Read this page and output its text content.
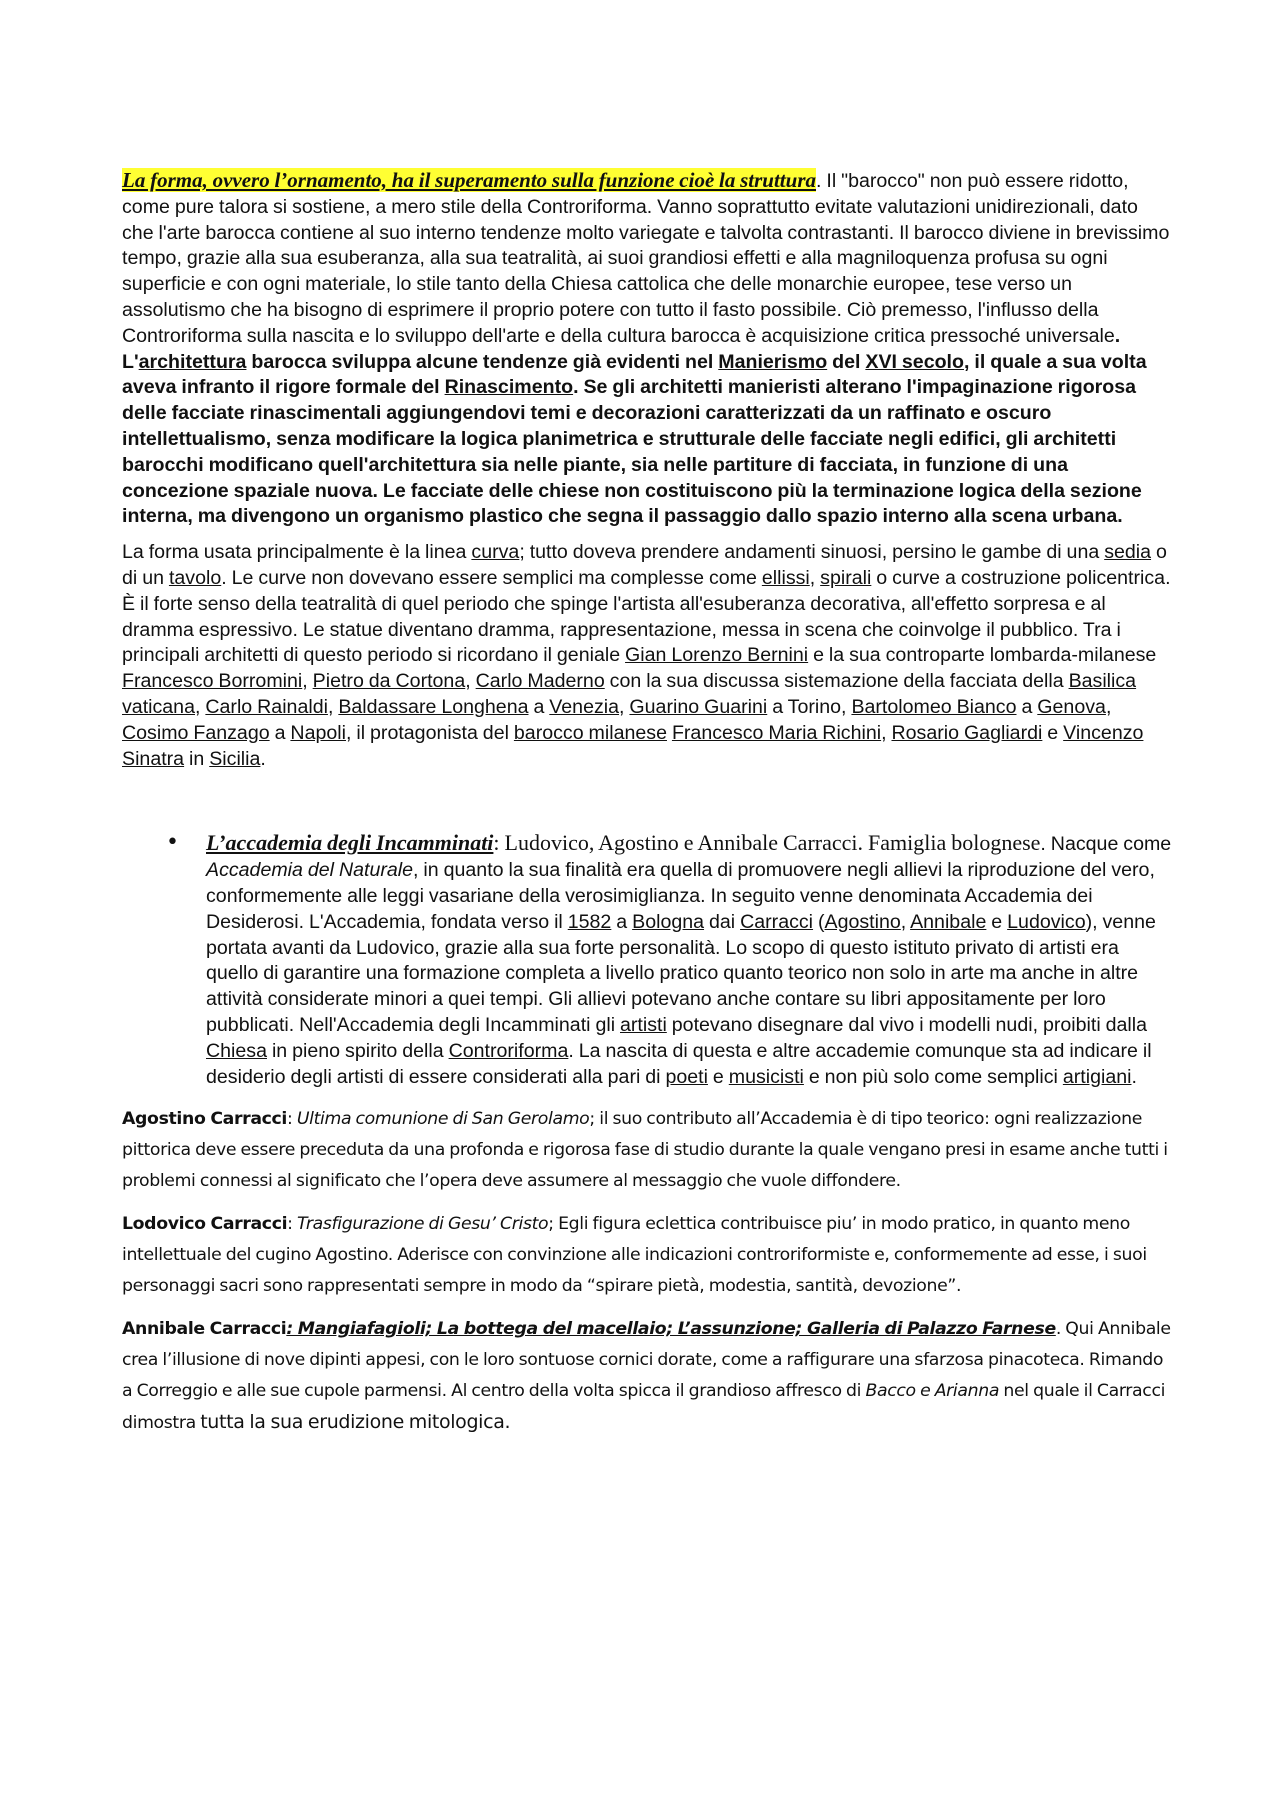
La forma, ovvero l’ornamento, ha il superamento sulla funzione cioè la struttura. Il "barocco" non può essere ridotto, come pure talora si sostiene, a mero stile della Controriforma. Vanno soprattutto evitate valutazioni unidirezionali, dato che l'arte barocca contiene al suo interno tendenze molto variegate e talvolta contrastanti. Il barocco diviene in brevissimo tempo, grazie alla sua esuberanza, alla sua teatralità, ai suoi grandiosi effetti e alla magniloquenza profusa su ogni superficie e con ogni materiale, lo stile tanto della Chiesa cattolica che delle monarchie europee, tese verso un assolutismo che ha bisogno di esprimere il proprio potere con tutto il fasto possibile. Ciò premesso, l'influsso della Controriforma sulla nascita e lo sviluppo dell'arte e della cultura barocca è acquisizione critica pressoché universale. L'architettura barocca sviluppa alcune tendenze già evidenti nel Manierismo del XVI secolo, il quale a sua volta aveva infranto il rigore formale del Rinascimento. Se gli architetti manieristi alterano l'impaginazione rigorosa delle facciate rinascimentali aggiungendovi temi e decorazioni caratterizzati da un raffinato e oscuro intellettualismo, senza modificare la logica planimetrica e strutturale delle facciate negli edifici, gli architetti barocchi modificano quell'architettura sia nelle piante, sia nelle partiture di facciata, in funzione di una concezione spaziale nuova. Le facciate delle chiese non costituiscono più la terminazione logica della sezione interna, ma divengono un organismo plastico che segna il passaggio dallo spazio interno alla scena urbana.

La forma usata principalmente è la linea curva; tutto doveva prendere andamenti sinuosi, persino le gambe di una sedia o di un tavolo. Le curve non dovevano essere semplici ma complesse come ellissi, spirali o curve a costruzione policentrica. È il forte senso della teatralità di quel periodo che spinge l'artista all'esuberanza decorativa, all'effetto sorpresa e al dramma espressivo. Le statue diventano dramma, rappresentazione, messa in scena che coinvolge il pubblico. Tra i principali architetti di questo periodo si ricordano il geniale Gian Lorenzo Bernini e la sua controparte lombarda-milanese Francesco Borromini, Pietro da Cortona, Carlo Maderno con la sua discussa sistemazione della facciata della Basilica vaticana, Carlo Rainaldi, Baldassare Longhena a Venezia, Guarino Guarini a Torino, Bartolomeo Bianco a Genova, Cosimo Fanzago a Napoli, il protagonista del barocco milanese Francesco Maria Richini, Rosario Gagliardi e Vincenzo Sinatra in Sicilia.

• L’accademia degli Incamminati: Ludovico, Agostino e Annibale Carracci. Famiglia bolognese. Nacque come Accademia del Naturale, in quanto la sua finalità era quella di promuovere negli allievi la riproduzione del vero, conformemente alle leggi vasariane della verosimiglianza. In seguito venne denominata Accademia dei Desiderosi. L'Accademia, fondata verso il 1582 a Bologna dai Carracci (Agostino, Annibale e Ludovico), venne portata avanti da Ludovico, grazie alla sua forte personalità. Lo scopo di questo istituto privato di artisti era quello di garantire una formazione completa a livello pratico quanto teorico non solo in arte ma anche in altre attività considerate minori a quei tempi. Gli allievi potevano anche contare su libri appositamente per loro pubblicati. Nell'Accademia degli Incamminati gli artisti potevano disegnare dal vivo i modelli nudi, proibiti dalla Chiesa in pieno spirito della Controriforma. La nascita di questa e altre accademie comunque sta ad indicare il desiderio degli artisti di essere considerati alla pari di poeti e musicisti e non più solo come semplici artigiani.

Agostino Carracci: Ultima comunione di San Gerolamo; il suo contributo all’Accademia è di tipo teorico: ogni realizzazione pittorica deve essere preceduta da una profonda e rigorosa fase di studio durante la quale vengano presi in esame anche tutti i problemi connessi al significato che l’opera deve assumere al messaggio che vuole diffondere.

Lodovico Carracci: Trasfigurazione di Gesu’ Cristo; Egli figura eclettica contribuisce piu’ in modo pratico, in quanto meno intellettuale del cugino Agostino. Aderisce con convinzione alle indicazioni controriformiste e, conformemente ad esse, i suoi personaggi sacri sono rappresentati sempre in modo da “spirare pietà, modestia, santità, devozione”.

Annibale Carracci: Mangiafagioli; La bottega del macellaio; L’assunzione; Galleria di Palazzo Farnese. Qui Annibale crea l’illusione di nove dipinti appesi, con le loro sontuose cornici dorate, come a raffigurare una sfarzosa pinacoteca. Rimando a Correggio e alle sue cupole parmensi. Al centro della volta spicca il grandioso affresco di Bacco e Arianna nel quale il Carracci dimostra tutta la sua erudizione mitologica.
